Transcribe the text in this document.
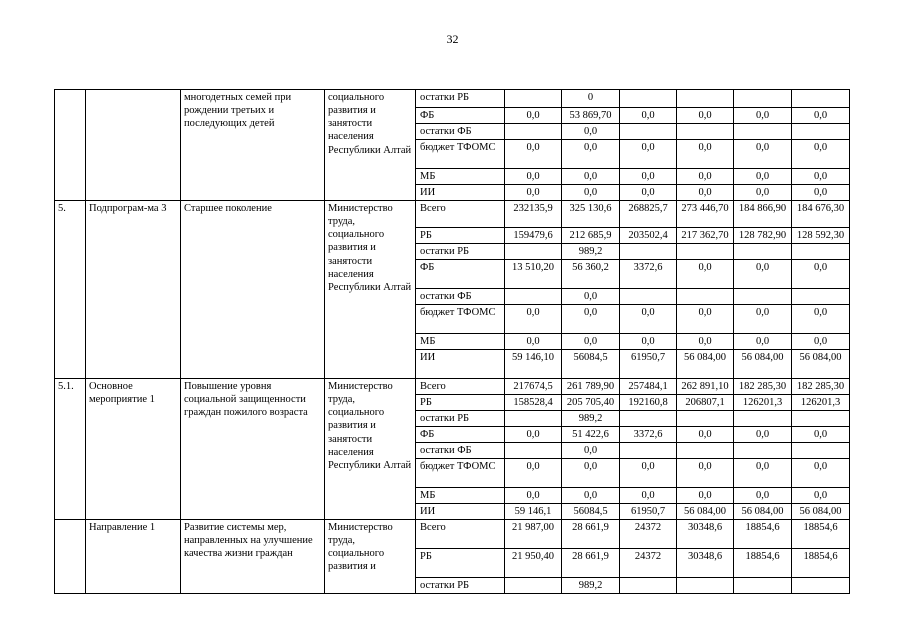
32
		многодетных семей при рождении третьих и последующих детей	социального развития и занятости населения Республики Алтай	остатки РБ		0				
				ФБ	0,0	53 869,70	0,0	0,0	0,0	0,0
				остатки ФБ		0,0				
				бюджет ТФОМС	0,0	0,0	0,0	0,0	0,0	0,0
				МБ	0,0	0,0	0,0	0,0	0,0	0,0
				ИИ	0,0	0,0	0,0	0,0	0,0	0,0
5.	Подпрограм-ма 3	Старшее поколение	Министерство труда, социального развития и занятости населения Республики Алтай	Всего	232135,9	325 130,6	268825,7	273 446,70	184 866,90	184 676,30
				РБ	159479,6	212 685,9	203502,4	217 362,70	128 782,90	128 592,30
				остатки РБ		989,2				
				ФБ	13 510,20	56 360,2	3372,6	0,0	0,0	0,0
				остатки ФБ		0,0				
				бюджет ТФОМС	0,0	0,0	0,0	0,0	0,0	0,0
				МБ	0,0	0,0	0,0	0,0	0,0	0,0
				ИИ	59 146,10	56084,5	61950,7	56 084,00	56 084,00	56 084,00
5.1.	Основное мероприятие 1	Повышение уровня социальной защищенности граждан пожилого возраста	Министерство труда, социального развития и занятости населения Республики Алтай	Всего	217674,5	261 789,90	257484,1	262 891,10	182 285,30	182 285,30
				РБ	158528,4	205 705,40	192160,8	206807,1	126201,3	126201,3
				остатки РБ		989,2				
				ФБ	0,0	51 422,6	3372,6	0,0	0,0	0,0
				остатки ФБ		0,0				
				бюджет ТФОМС	0,0	0,0	0,0	0,0	0,0	0,0
				МБ	0,0	0,0	0,0	0,0	0,0	0,0
				ИИ	59 146,1	56084,5	61950,7	56 084,00	56 084,00	56 084,00
	Направление 1	Развитие системы мер, направленных на улучшение качества жизни граждан	Министерство труда, социального развития и	Всего	21 987,00	28 661,9	24372	30348,6	18854,6	18854,6
				РБ	21 950,40	28 661,9	24372	30348,6	18854,6	18854,6
				остатки РБ		989,2				
